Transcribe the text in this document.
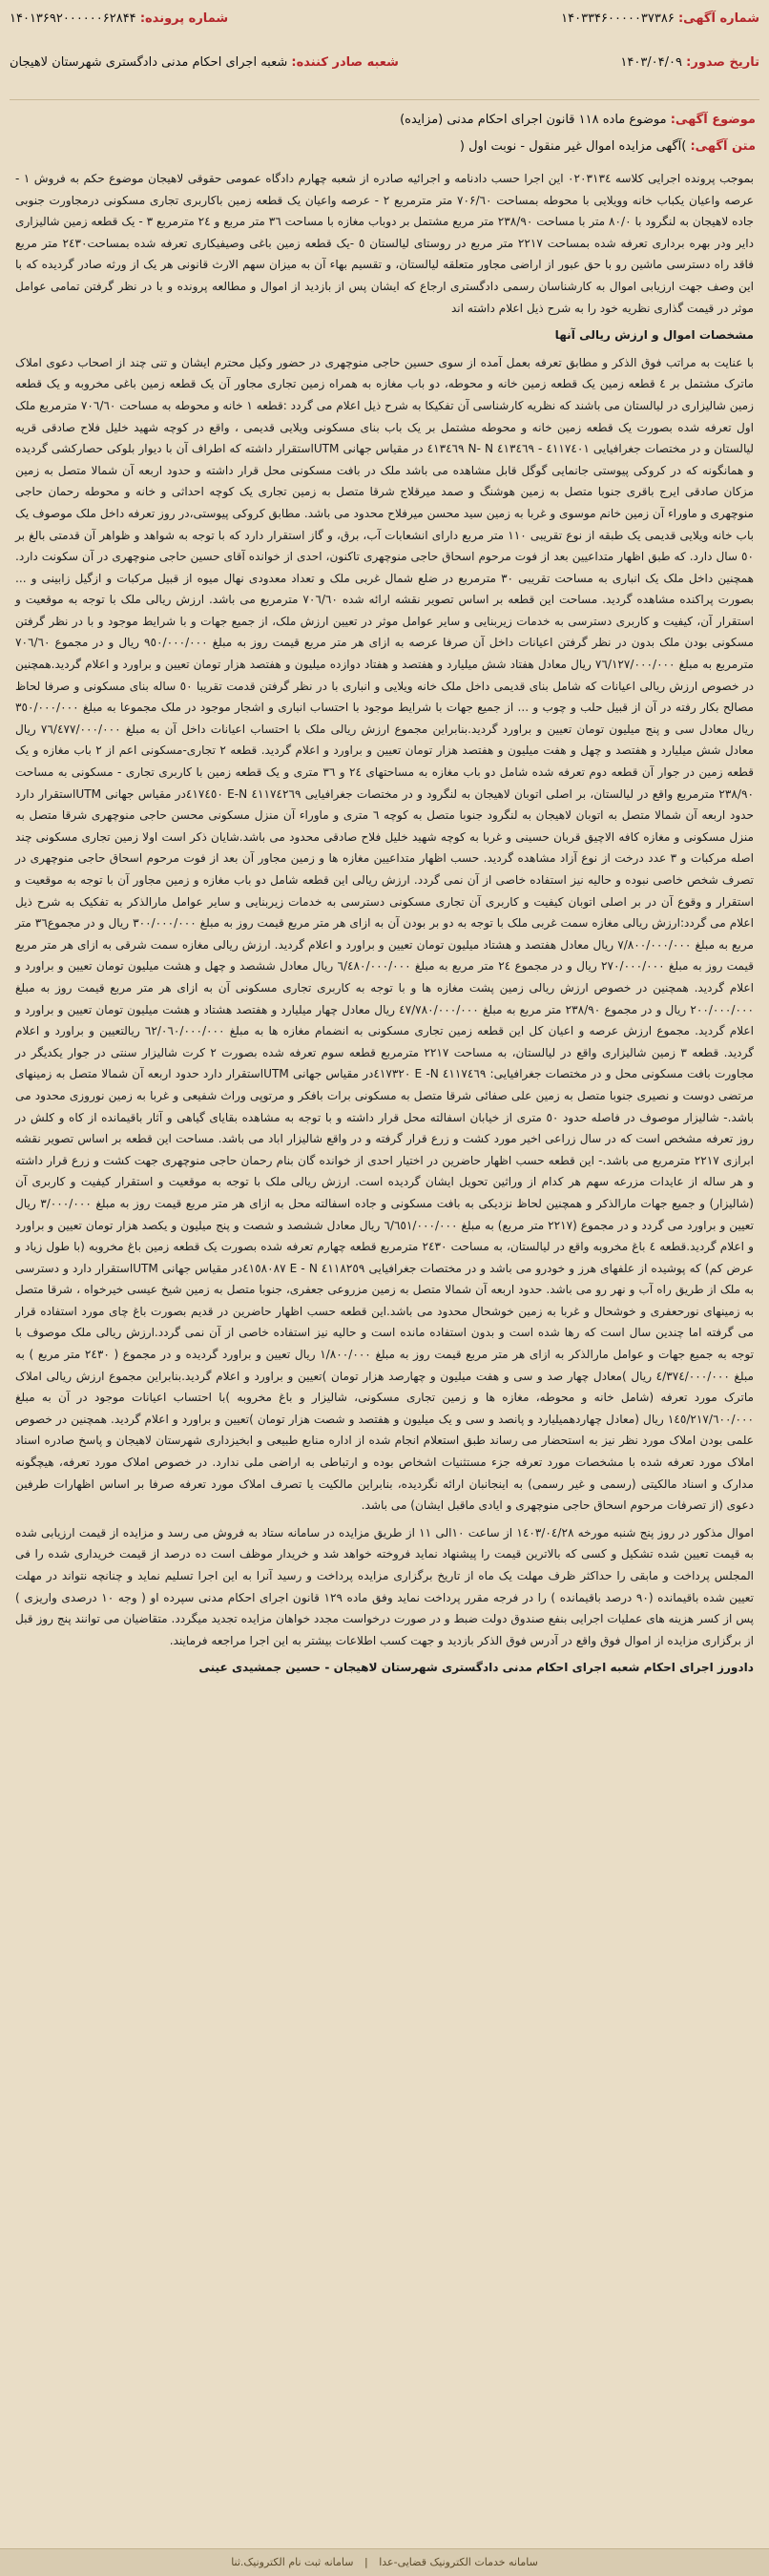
شماره آگهی: ۱۴۰۳۳۴۶۰۰۰۰۰۳۷۳۸۶
شماره پرونده: ۱۴۰۱۳۶۹۲۰۰۰۰۰۰۶۲۸۴۴
تاریخ صدور: ۱۴۰۳/۰۴/۰۹
شعبه صادر کننده: شعبه اجرای احکام مدنی دادگستری شهرستان لاهیجان
موضوع آگهی: موضوع ماده ۱۱۸ قانون اجرای احکام مدنی (مزایده)
متن آگهی: )آگهی مزایده اموال غیر منقول - نوبت اول (

بموجب پرونده اجرایی کلاسه ۰۲۰۳۱۳٤ این اجرا حسب دادنامه و اجرائیه صادره از شعبه چهارم دادگاه عمومی حقوقی لاهیجان موضوع حکم به فروش ۱ - عرصه واعیان یکباب خانه وویلایی با محوطه بمساحت ۷۰۶/٦۰ متر مترمربع ۲ - عرصه واعیان یک قطعه زمین باکاربری تجاری مسکونی درمجاورت جنوبی جاده لاهیجان به لنگرود با ۸۰/۰ متر با مساحت ۲۳۸/۹۰ متر مربع مشتمل بر دوباب مغازه با مساحت ۳٦ متر مربع و ۲٤ مترمربع ۳ - یک قطعه زمین شالیزاری دایر ودر بهره برداری تعرفه شده بمساحت ۲۲۱۷ متر مربع در روستای لیالستان ٥ -یک قطعه زمین باغی وصیفیکاری تعرفه شده بمساحت۲٤۳۰ متر مربع فاقد راه دسترسی ماشین رو با حق عبور از اراضی مجاور متعلقه لیالستان، و تقسیم بهاء آن به میزان سهم الارث قانونی هر یک از ورثه صادر گردیده که با این وصف جهت ارزیابی اموال به کارشناسان رسمی دادگستری ارجاع که ایشان پس از بازدید از اموال و مطالعه پرونده و با در نظر گرفتن تمامی عوامل موثر در قیمت گذاری نظریه خود را به شرح ذیل اعلام داشته اند

مشخصات اموال و ارزش ریالی آنها

با عنایت به مراتب فوق الذکر و مطابق تعرفه بعمل آمده از سوی حسین حاجی منوچهری در حضور وکیل محترم ایشان و تنی چند از اصحاب دعوی املاک ماترک مشتمل بر ٤ قطعه زمین یک قطعه زمین خانه و محوطه، دو باب مغازه به همراه زمین تجاری مجاور آن یک قطعه زمین باغی مخروبه و یک قطعه زمین شالیزاری در لیالستان می باشند که نظریه کارشناسی آن تفکیکا به شرح ذیل اعلام می گردد :قطعه ۱ خانه و محوطه به مساحت ۷۰٦/٦۰ مترمربع ملک اول تعرفه شده بصورت یک قطعه زمین خانه و محوطه مشتمل بر یک باب بنای مسکونی ویلایی قدیمی ، واقع در کوچه شهید خلیل فلاح صادقی قریه لیالستان و در مختصات جغرافیایی ٤۱۱۷٤۰۱ - ٤۱۳٤٦۹ N -٤۱۳٤٦۹ N در مقیاس جهانی UTMاستقرار داشته که اطراف آن با دیوار بلوکی حصارکشی گردیده و همانگونه که در کروکی پیوستی جانمایی گوگل قابل مشاهده می باشد ملک در بافت مسکونی محل قرار داشته و حدود اربعه آن شمالا متصل به زمین مزکان صادقی ایرج باقری جنوبا متصل به زمین هوشنگ و صمد میرقلاج شرقا متصل به زمین تجاری یک کوچه احداثی و خانه و محوطه رحمان حاجی منوچهری و ماوراء آن زمین خانم موسوی و غربا به زمین سید محسن میرفلاح محدود می باشد. مطابق کروکی پیوستی،در روز تعرفه داخل ملک موصوف یک باب خانه ویلایی قدیمی یک طبقه از نوع تقریبی ۱۱۰ متر مربع دارای انشعابات آب، برق، و گاز استقرار دارد که با توجه به شواهد و ظواهر آن قدمتی بالغ بر ٥۰ سال دارد. که طبق اظهار متداعیین بعد از فوت مرحوم اسحاق حاجی منوچهری تاکنون، احدی از خوانده آقای حسین حاجی منوچهری در آن سکونت دارد. همچنین داخل ملک یک انباری به مساحت تقریبی ۳۰ مترمربع در ضلع شمال غربی ملک و تعداد معدودی نهال میوه از قبیل مرکبات و ازگیل زابینی و ... بصورت پراکنده مشاهده گردید. مساحت این قطعه بر اساس تصویر نقشه ارائه شده ۷۰٦/٦۰ مترمربع می باشد. ارزش ریالی ملک با توجه به موقعیت و استقرار آن، کیفیت و کاربری دسترسی به خدمات زیربنایی و سایر عوامل موثر در تعیین ارزش ملک، از جمیع جهات و با شرایط موجود و با در نظر گرفتن مسکونی بودن ملک بدون در نظر گرفتن اعیانات داخل آن صرفا عرصه به ازای هر متر مربع قیمت روز به مبلغ ۹٥۰/۰۰۰/۰۰۰ ریال و در مجموع ۷۰٦/٦۰ مترمربع به مبلغ ۷٦/۱۲۷/۰۰۰/۰۰۰ ریال معادل هفتاد شش میلیارد و هفتصد و هفتاد دوازده میلیون و هفتصد هزار تومان تعیین و براورد و اعلام گردید.همچنین در خصوص ارزش ریالی اعیانات که شامل بنای قدیمی داخل ملک خانه ویلایی و انباری با در نظر گرفتن قدمت تقریبا ٥۰ ساله بنای مسکونی و صرفا لحاظ مصالح بکار رفته در آن از قبیل حلب و چوب و ... از جمیع جهات با شرایط موجود با احتساب انباری و اشجار موجود در ملک مجموعا به مبلغ ۳٥۰/۰۰۰/۰۰۰ ریال معادل سی و پنج میلیون تومان تعیین و براورد گردید.بنابراین مجموع ارزش ریالی ملک با احتساب اعیانات داخل آن به مبلغ ۷٦/٤۷۷/۰۰۰/۰۰۰ ریال معادل شش میلیارد و هفتصد و چهل و هفت میلیون و هفتصد هزار تومان تعیین و براورد و اعلام گردید. قطعه ۲ تجاری-مسکونی اعم از ۲ باب مغازه و یک قطعه زمین در جوار آن قطعه دوم تعرفه شده شامل دو باب مغازه به مساحتهای ۲٤ و ۳٦ متری و یک قطعه زمین با کاربری تجاری - مسکونی به مساحت ۲۳۸/۹۰ مترمربع واقع در لیالستان، بر اصلی اتوبان لاهیجان به لنگرود و در مختصات جغرافیایی ٤۱۱۷٤۲٦۹ N-٤۱۷٤٥۰ Eدر مقیاس جهانی UTMاستقرار دارد حدود اربعه آن شمالا متصل به اتوبان لاهیجان به لنگرود جنوبا متصل به کوچه ٦ متری و ماوراء آن منزل مسکونی محسن حاجی منوچهری شرقا متصل به منزل مسکونی و مغازه کافه الاچیق قربان حسینی و غربا به کوچه شهید خلیل فلاح صادقی محدود می باشد.شایان ذکر است اولا زمین تجاری مسکونی چند اصله مرکبات و ۳ عدد درخت از نوع آزاد مشاهده گردید. حسب اظهار متداعیین مغازه ها و زمین مجاور آن بعد از فوت مرحوم اسحاق حاجی منوچهری در تصرف شخص خاصی نبوده و حالیه نیز استفاده خاصی از آن نمی گردد. ارزش ریالی این قطعه شامل دو باب مغازه و زمین مجاور آن با توجه به موقعیت و استقرار و وقوع آن در بر اصلی اتوبان کیفیت و کاربری آن تجاری مسکونی دسترسی به خدمات زیربنایی و سایر عوامل مارالذکر به تفکیک به شرح ذیل اعلام می گردد:ارزش ریالی مغازه سمت غربی ملک با توجه به دو بر بودن آن به ازای هر متر مربع قیمت روز به مبلغ ۳۰۰/۰۰۰/۰۰۰ ریال و در مجموع۳٦ متر مربع به مبلغ ۷/۸۰۰/۰۰۰/۰۰۰ ریال معادل هفتصد و هشتاد میلیون تومان تعیین و براورد و اعلام گردید. ارزش ریالی مغازه سمت شرقی به ازای هر متر مربع قیمت روز به مبلغ ۲۷۰/۰۰۰/۰۰۰ ریال و در مجموع ۲٤ متر مربع به مبلغ ٦/٤۸۰/۰۰۰/۰۰۰ ریال معادل ششصد و چهل و هشت میلیون تومان تعیین و براورد و اعلام گردید. همچنین در خصوص ارزش ریالی زمین پشت مغازه ها و با توجه به کاربری تجاری مسکونی آن به ازای هر متر مربع قیمت روز به مبلغ ۲۰۰/۰۰۰/۰۰۰ ریال و در مجموع ۲۳۸/۹۰ متر مربع به مبلغ ٤۷/۷۸۰/۰۰۰/۰۰۰ ریال معادل چهار میلیارد و هفتصد هشتاد و هشت میلیون تومان تعیین و براورد و اعلام گردید. مجموع ارزش عرصه و اعیان کل این قطعه زمین تجاری مسکونی به انضمام مغازه ها به مبلغ ٦۲/۰٦۰/۰۰۰/۰۰۰ ریالتعیین و براورد و اعلام گردید. قطعه ۳ زمین شالیزاری واقع در لیالستان، به مساحت ۲۲۱۷ مترمربع قطعه سوم تعرفه شده بصورت ۲ کرت شالیزار سنتی در جوار یکدیگر در مجاورت بافت مسکونی محل و در مختصات جغرافیایی: ٤۱۱۷٤٦۹ N- ٤۱۷۳۲۰ Eدر مقیاس جهانی UTMاستقرار دارد حدود اربعه آن شمالا متصل به زمینهای مرتضی دوست و نصیری جنوبا متصل به زمین علی صفائی شرقا متصل به مسکونی برات بافکر و مرتوپی وراث شفیعی و غربا به زمین نوروزی محدود می باشد.- شالیزار موصوف در فاصله حدود ٥۰ متری از خیابان اسفالته محل قرار داشته و با توجه به مشاهده بقایای گیاهی و آثار باقیمانده از کاه و کلش در روز تعرفه مشخص است که در سال زراعی اخیر مورد کشت و زرع قرار گرفته و در واقع شالیزار اباد می باشد. مساحت این قطعه بر اساس تصویر نقشه ابرازی ۲۲۱۷ مترمربع می باشد.- این قطعه حسب اظهار حاضرین در اختیار احدی از خوانده گان بنام رحمان حاجی منوچهری جهت کشت و زرع قرار داشته و هر ساله از عایدات مزرعه سهم هر کدام از وراثین تحویل ایشان گردیده است. ارزش ریالی ملک با توجه به موقعیت و استقرار کیفیت و کاربری آن (شالیزار) و جمیع جهات مارالذکر و همچنین لحاظ نزدیکی به بافت مسکونی و جاده اسفالته محل به ازای هر متر مربع قیمت روز به مبلغ ۳/۰۰۰/۰۰۰ ریال تعیین و براورد می گردد و در مجموع (۲۲۱۷ متر مربع) به مبلغ ٦/٦٥۱/۰۰۰/۰۰۰ ریال معادل ششصد و شصت و پنج میلیون و یکصد هزار تومان تعیین و براورد و اعلام گردید.قطعه ٤ باغ مخروبه واقع در لیالستان، به مساحت ۲٤۳۰ مترمربع قطعه چهارم تعرفه شده بصورت یک قطعه زمین باغ مخروبه (با طول زیاد و عرض کم) که پوشیده از علفهای هرز و خودرو می باشد و در مختصات جغرافیایی ٤۱۱۸۲٥۹ N - ٤۱٥۸۰۸۷ Eدر مقیاس جهانی UTMاستقرار دارد و دسترسی به ملک از طریق راه آب و نهر رو می باشد. حدود اربعه آن شمالا متصل به زمین مزروعی جعفری، جنوبا متصل به زمین شیخ عیسی خیرخواه ، شرقا متصل به زمینهای نورحعفری و خوشحال و غربا به زمین خوشحال محدود می باشد.این قطعه حسب اظهار حاضرین در قدیم بصورت باغ چای مورد استفاده قرار می گرفته اما چندین سال است که رها شده است و بدون استفاده مانده است و حالیه نیز استفاده خاصی از آن نمی گردد.ارزش ریالی ملک موصوف با توجه به جمیع جهات و عوامل مارالذکر به ازای هر متر مربع قیمت روز به مبلغ ۱/۸۰۰/۰۰۰ ریال تعیین و براورد گردیده و در مجموع ( ۲٤۳۰ متر مربع ) به مبلغ ٤/۳۷٤/۰۰۰/۰۰۰ ریال )معادل چهار صد و سی و هفت میلیون و چهارصد هزار تومان )تعیین و براورد و اعلام گردید.بنابراین مجموع ارزش ریالی املاک ماترک مورد تعرفه (شامل خانه و محوطه، مغازه ها و زمین تجاری مسکونی، شالیزار و باغ مخروبه )با احتساب اعیانات موجود در آن به مبلغ ۱٤٥/۲۱۷/٦۰۰/۰۰۰ ریال (معادل چهاردهمیلیارد و پانصد و سی و یک میلیون و هفتصد و شصت هزار تومان )تعیین و براورد و اعلام گردید. همچنین در خصوص علمی بودن املاک مورد نظر نیز به استحضار می رساند طبق استعلام انجام شده از اداره منابع طبیعی و ابخیزداری شهرستان لاهیجان و پاسخ صادره اسناد املاک مورد تعرفه شده با مشخصات مورد تعرفه جزء مستثنیات اشخاص بوده و ارتباطی به اراضی ملی ندارد. در خصوص املاک مورد تعرفه، هیچگونه مدارک و اسناد مالکیتی (رسمی و غیر رسمی) به اینجانبان ارائه نگردیده، بنابراین مالکیت یا تصرف املاک مورد تعرفه صرفا بر اساس اظهارات طرفین دعوی (از تصرفات مرحوم اسحاق حاجی منوچهری و ایادی ماقبل ایشان) می باشد.

اموال مذکور در روز پنج شنبه مورخه ۱٤۰۳/۰٤/۲۸ از ساعت ۱۰الی ۱۱ از طریق مزایده در سامانه ستاد به فروش می رسد و مزایده از قیمت ارزیابی شده به قیمت تعیین شده تشکیل و کسی که بالاترین قیمت را پیشنهاد نماید فروخته خواهد شد و خریدار موظف است ده درصد از قیمت خریداری شده را فی المجلس پرداخت و مابقی را حداکثر ظرف مهلت یک ماه از تاریخ برگزاری مزایده پرداخت و رسید آنرا به این اجرا تسلیم نماید و چنانچه نتواند در مهلت تعیین شده باقیمانده (۹۰ درصد باقیمانده ) را در فرجه مقرر پرداخت نماید وفق ماده ۱۲۹ قانون اجرای احکام مدنی سپرده او ( وجه ۱۰ درصدی واریزی ) پس از کسر هزینه های عملیات اجرایی بنفع صندوق دولت ضبط و در صورت درخواست مجدد خواهان مزایده تجدید میگردد. متقاضیان می توانند پنج روز قبل از برگزاری مزایده از اموال فوق واقع در آدرس فوق الذکر بازدید و جهت کسب اطلاعات بیشتر به این اجرا مراجعه فرمایند.

دادورز اجرای احکام شعبه اجرای احکام مدنی دادگستری شهرستان لاهیجان - حسین جمشیدی عینی

سامانه خدمات الکترونیک قضایی-عدا | سامانه ثبت نام الکترونیک.ثنا
